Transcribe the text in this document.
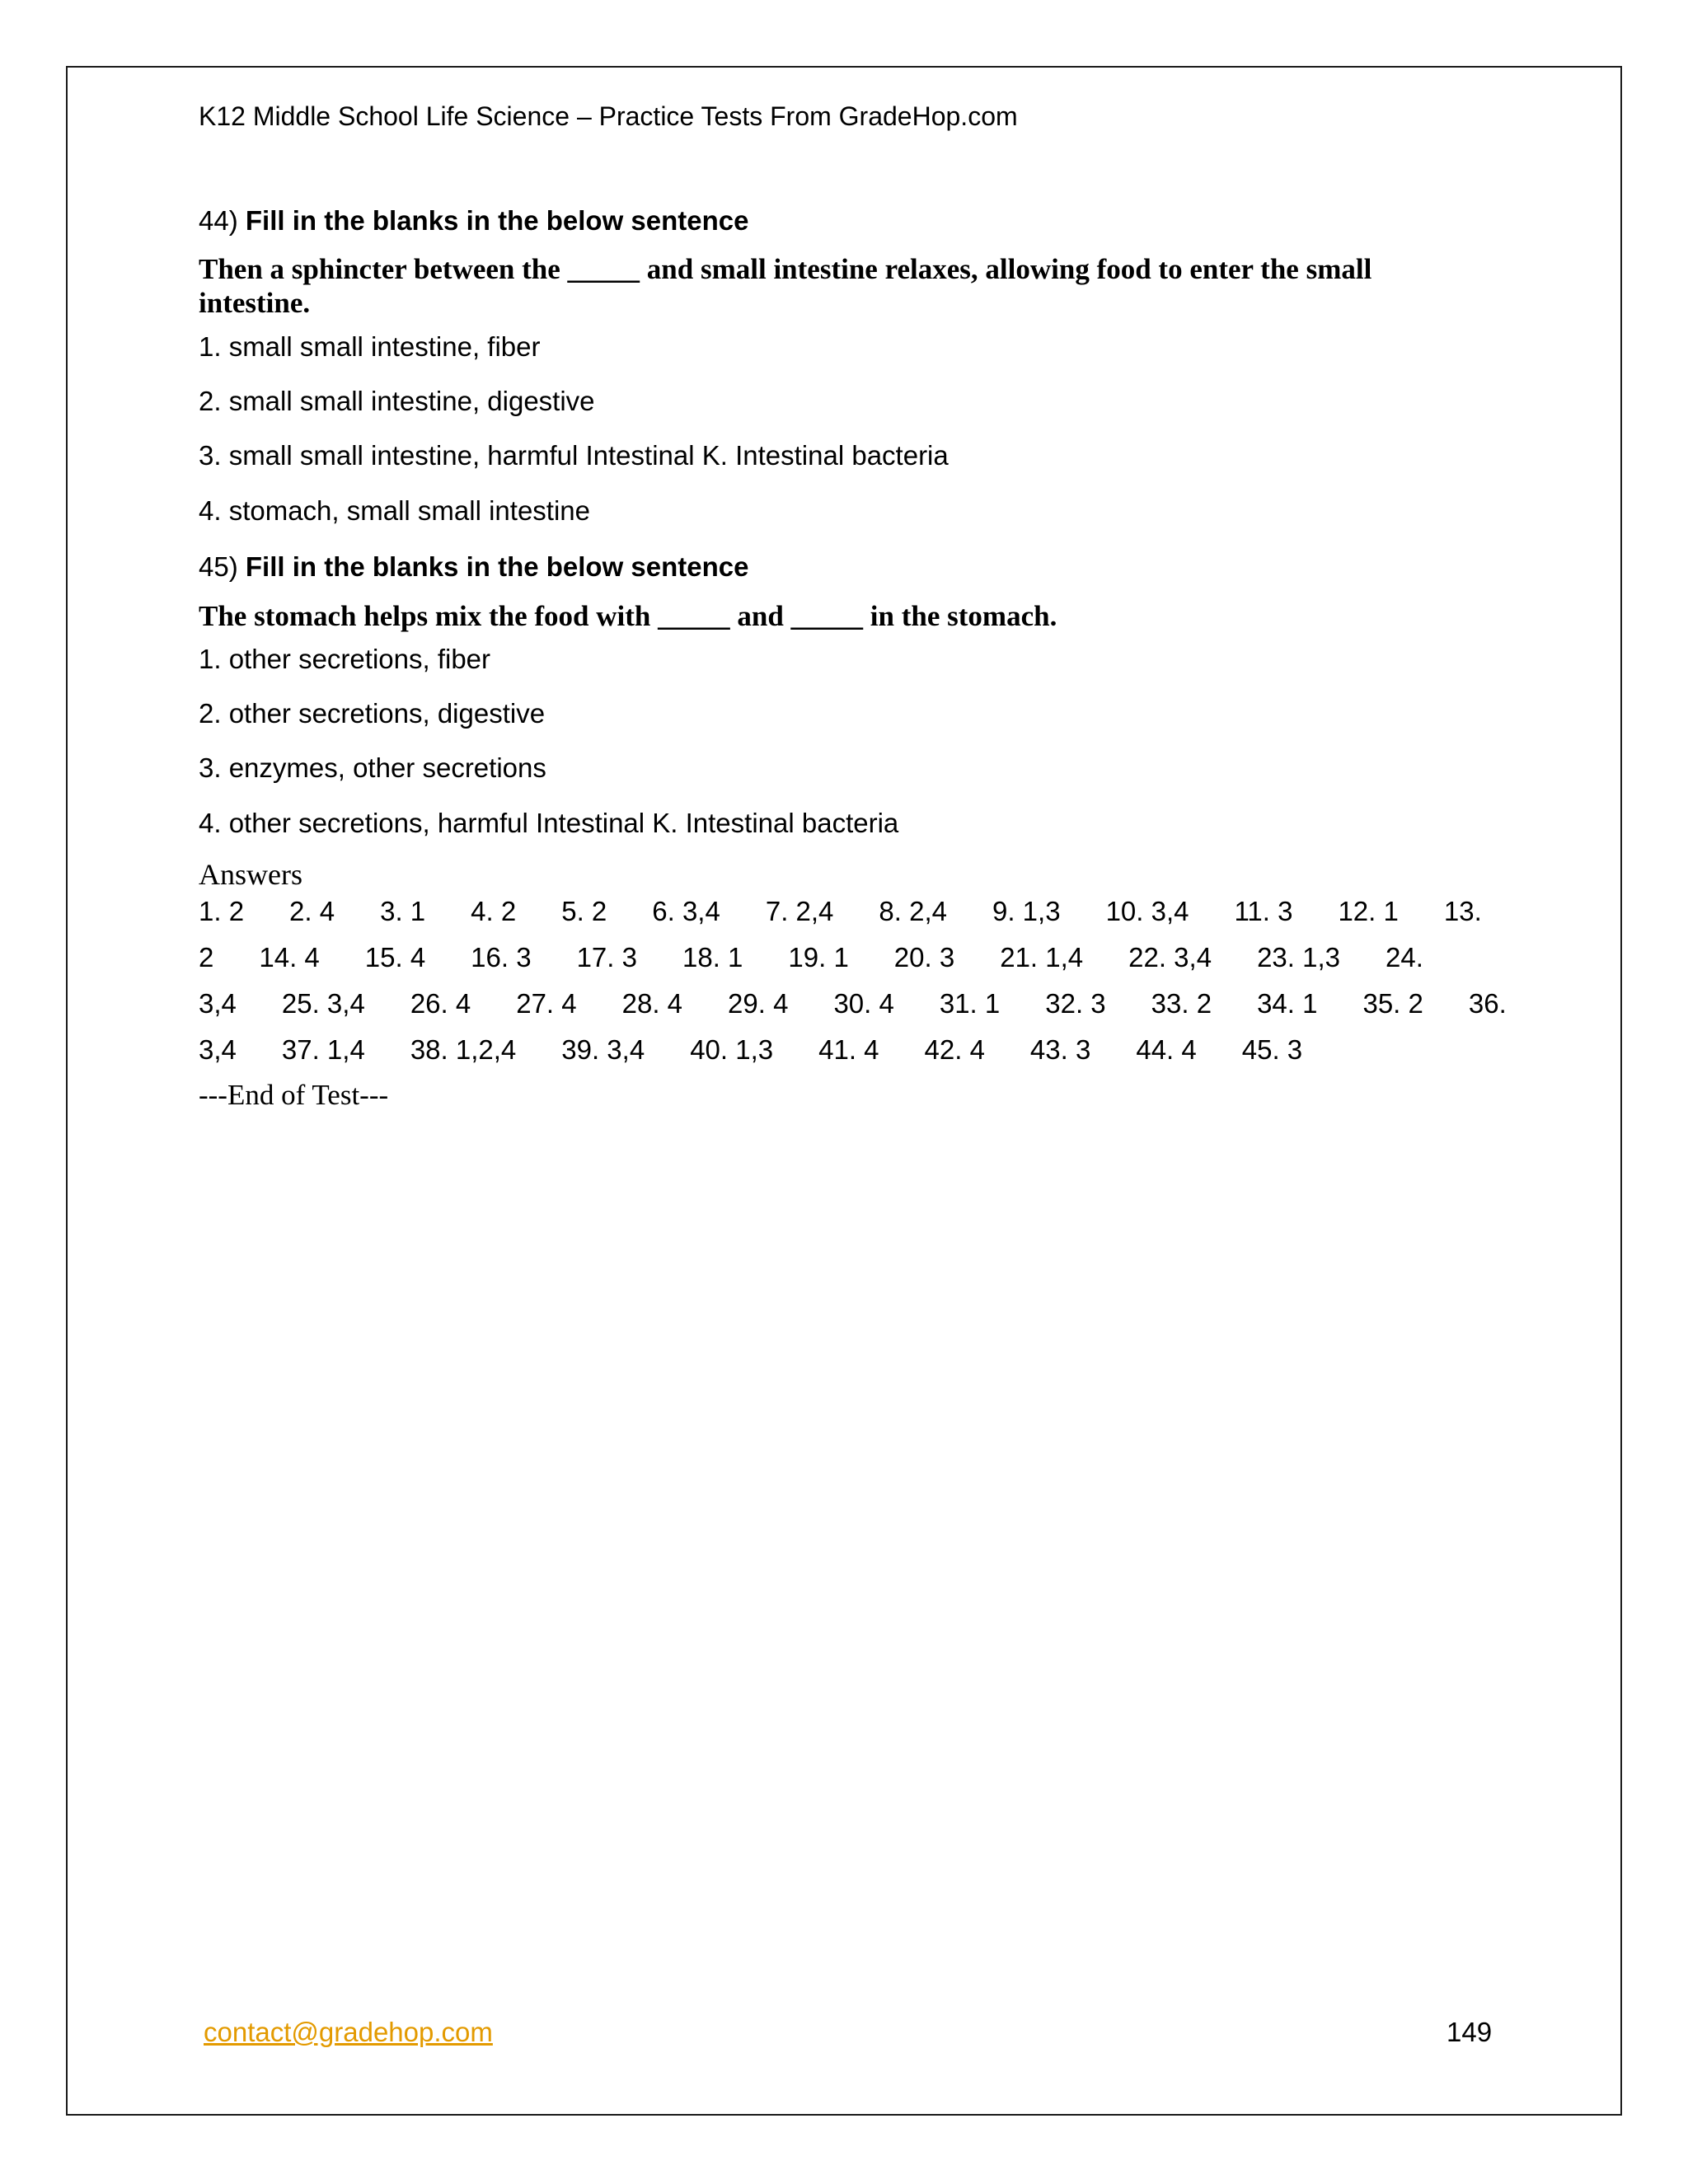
K12 Middle School Life Science – Practice Tests From GradeHop.com
44) Fill in the blanks in the below sentence
Then a sphincter between the _____ and small intestine relaxes, allowing food to enter the small intestine.
1. small small intestine, fiber
2. small small intestine, digestive
3. small small intestine, harmful Intestinal K. Intestinal bacteria
4. stomach, small small intestine
45) Fill in the blanks in the below sentence
The stomach helps mix the food with _____ and _____ in the stomach.
1. other secretions, fiber
2. other secretions, digestive
3. enzymes, other secretions
4. other secretions, harmful Intestinal K. Intestinal bacteria
Answers
1. 2      2. 4      3. 1      4. 2      5. 2      6. 3,4      7. 2,4      8. 2,4      9. 1,3      10. 3,4      11. 3      12. 1      13.
2      14. 4      15. 4      16. 3      17. 3      18. 1      19. 1      20. 3      21. 1,4      22. 3,4      23. 1,3      24.
3,4      25. 3,4      26. 4      27. 4      28. 4      29. 4      30. 4      31. 1      32. 3      33. 2      34. 1      35. 2      36.
3,4      37. 1,4      38. 1,2,4      39. 3,4      40. 1,3      41. 4      42. 4      43. 3      44. 4      45. 3
---End of Test---
contact@gradehop.com	149
